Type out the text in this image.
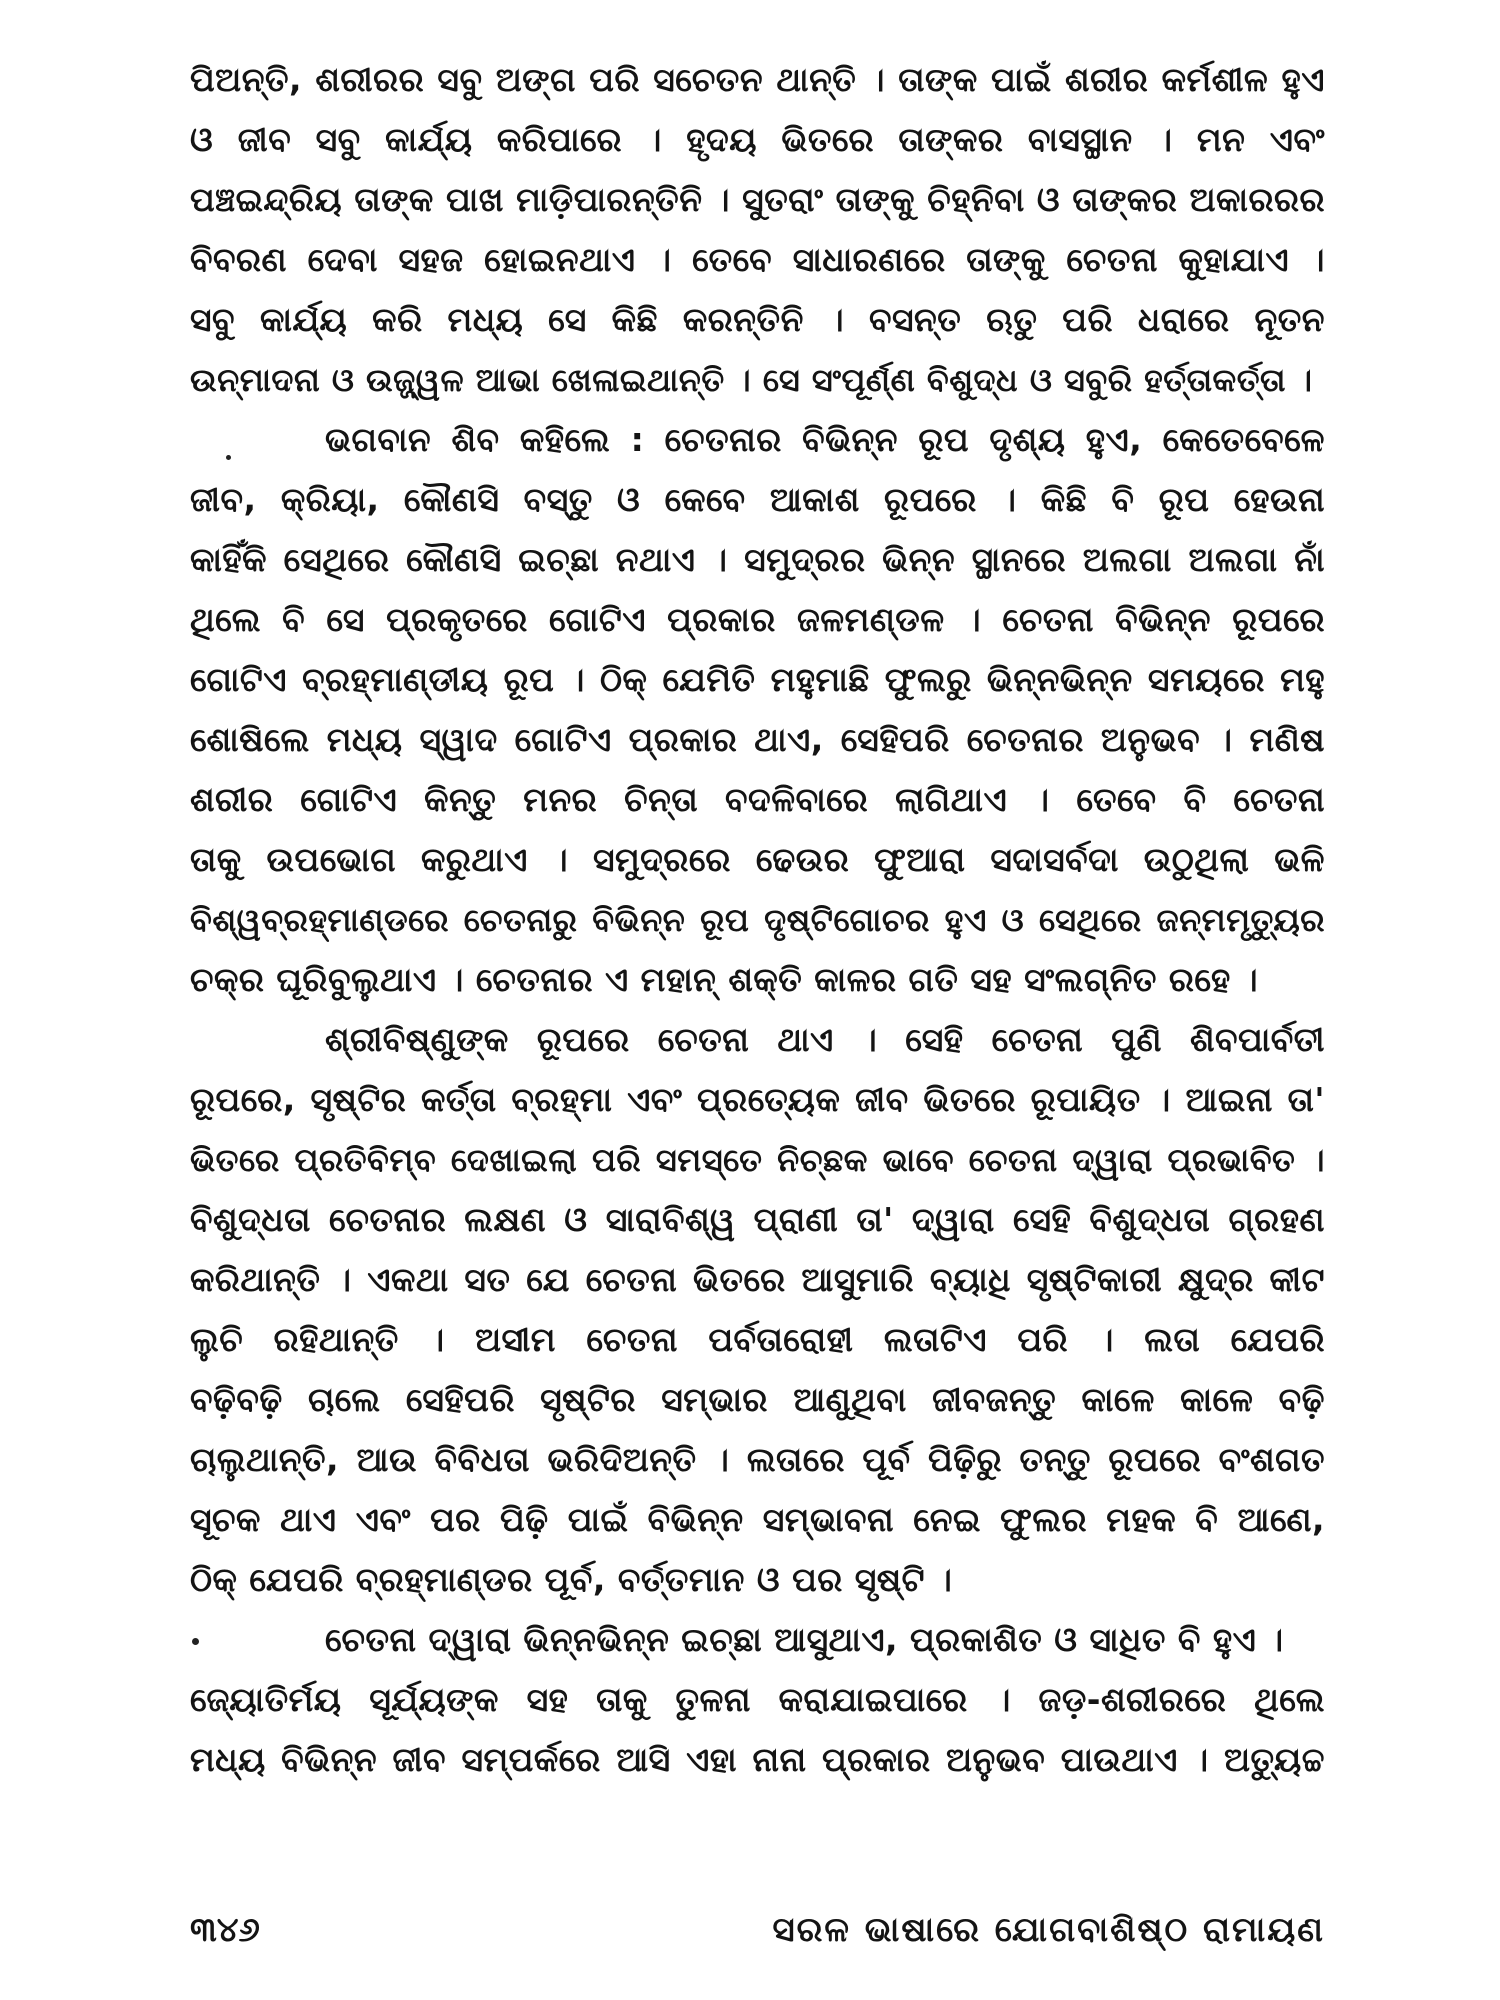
ପିଅନ୍ତି, ଶରୀରର ସବୁ ଅଙ୍ଗ ପରି ସଚେତନ ଥାନ୍ତି । ତାଙ୍କ ପାଇଁ ଶରୀର କର୍ମଶୀଳ ହୁଏ
ଓ ଜୀବ ସବୁ କାର୍ଯ୍ୟ କରିପାରେ । ହୃଦୟ ଭିତରେ ତାଙ୍କର ବାସସ୍ଥାନ । ମନ ଏବଂ
ପଞ୍ଚଇନ୍ଦ୍ରିୟ ତାଙ୍କ ପାଖ ମାଡ଼ିପାରନ୍ତିନି । ସୁତରାଂ ତାଙ୍କୁ ଚିହ୍ନିବା ଓ ତାଙ୍କର ଅକାରରର
ବିବରଣ ଦେବା ସହଜ ହୋଇନଥାଏ । ତେବେ ସାଧାରଣରେ ତାଙ୍କୁ ଚେତନା କୁହାଯାଏ ।
ସବୁ କାର୍ଯ୍ୟ କରି ମଧ୍ୟ ସେ କିଛି କରନ୍ତିନି । ବସନ୍ତ ଋତୁ ପରି ଧରାରେ ନୂତନ
ଉନ୍ମାଦନା ଓ ଉଜ୍ଜ୍ୱଳ ଆଭା ଖେଳାଇଥାନ୍ତି । ସେ ସଂପୂର୍ଣ୍ଣ ବିଶୁଦ୍ଧ ଓ ସବୁରି ହର୍ତ୍ତାକର୍ତ୍ତା ।
ଭଗବାନ ଶିବ କହିଲେ : ଚେତନାର ବିଭିନ୍ନ ରୂପ ଦୃଶ୍ୟ ହୁଏ, କେତେବେଳେ
ଜୀବ, କ୍ରିୟା, କୌଣସି ବସ୍ତୁ ଓ କେବେ ଆକାଶ ରୂପରେ । କିଛି ବି ରୂପ ହେଉନା
କାହିଁକି ସେଥିରେ କୌଣସି ଇଚ୍ଛା ନଥାଏ । ସମୁଦ୍ରର ଭିନ୍ନ ସ୍ଥାନରେ ଅଲଗା ଅଲଗା ନାଁ
ଥିଲେ ବି ସେ ପ୍ରକୃତରେ ଗୋଟିଏ ପ୍ରକାର ଜଳମଣ୍ଡଳ । ଚେତନା ବିଭିନ୍ନ ରୂପରେ
ଗୋଟିଏ ବ୍ରହ୍ମାଣ୍ଡୀୟ ରୂପ । ଠିକ୍ ଯେମିତି ମହୁମାଛି ଫୁଲରୁ ଭିନ୍ନଭିନ୍ନ ସମୟରେ ମହୁ
ଶୋଷିଲେ ମଧ୍ୟ ସ୍ୱାଦ ଗୋଟିଏ ପ୍ରକାର ଥାଏ, ସେହିପରି ଚେତନାର ଅନୁଭବ । ମଣିଷ
ଶରୀର ଗୋଟିଏ କିନ୍ତୁ ମନର ଚିନ୍ତା ବଦଳିବାରେ ଲାଗିଥାଏ । ତେବେ ବି ଚେତନା
ତାକୁ ଉପଭୋଗ କରୁଥାଏ । ସମୁଦ୍ରରେ ଢେଉର ଫୁଆରା ସଦାସର୍ବଦା ଉଠୁଥିଲା ଭଳି
ବିଶ୍ୱବ୍ରହ୍ମାଣ୍ଡରେ ଚେତନାରୁ ବିଭିନ୍ନ ରୂପ ଦୃଷ୍ଟିଗୋଚର ହୁଏ ଓ ସେଥିରେ ଜନ୍ମମୃତ୍ୟୁର
ଚକ୍ର ଘୂରିବୁଲୁଥାଏ । ଚେତନାର ଏ ମହାନ୍ ଶକ୍ତି କାଳର ଗତି ସହ ସଂଲଗ୍ନିତ ରହେ ।
ଶ୍ରୀବିଷ୍ଣୁଙ୍କ ରୂପରେ ଚେତନା ଥାଏ । ସେହି ଚେତନା ପୁଣି ଶିବପାର୍ବତୀ
ରୂପରେ, ସୃଷ୍ଟିର କର୍ତ୍ତା ବ୍ରହ୍ମା ଏବଂ ପ୍ରତ୍ୟେକ ଜୀବ ଭିତରେ ରୂପାୟିତ । ଆଇନା ତା'
ଭିତରେ ପ୍ରତିବିମ୍ବ ଦେଖାଇଲା ପରି ସମସ୍ତେ ନିଚ୍ଛକ ଭାବେ ଚେତନା ଦ୍ୱାରା ପ୍ରଭାବିତ ।
ବିଶୁଦ୍ଧତା ଚେତନାର ଲକ୍ଷଣ ଓ ସାରାବିଶ୍ୱ ପ୍ରାଣୀ ତା' ଦ୍ୱାରା ସେହି ବିଶୁଦ୍ଧତା ଗ୍ରହଣ
କରିଥାନ୍ତି । ଏକଥା ସତ ଯେ ଚେତନା ଭିତରେ ଆସୁମାରି ବ୍ୟାଧି ସୃଷ୍ଟିକାରୀ କ୍ଷୁଦ୍ର କୀଟ
ଲୁଚି ରହିଥାନ୍ତି । ଅସୀମ ଚେତନା ପର୍ବତାରୋହୀ ଲତାଟିଏ ପରି । ଲତା ଯେପରି
ବଢ଼ିବଢ଼ି ଚାଲେ ସେହିପରି ସୃଷ୍ଟିର ସମ୍ଭାର ଆଣୁଥିବା ଜୀବଜନ୍ତୁ କାଳେ କାଳେ ବଢ଼ି
ଚାଲୁଥାନ୍ତି, ଆଉ ବିବିଧତା ଭରିଦିଅନ୍ତି । ଲତାରେ ପୂର୍ବ ପିଢ଼ିରୁ ତନ୍ତୁ ରୂପରେ ବଂଶଗତ
ସୂଚକ ଥାଏ ଏବଂ ପର ପିଢ଼ି ପାଇଁ ବିଭିନ୍ନ ସମ୍ଭାବନା ନେଇ ଫୁଲର ମହକ ବି ଆଣେ,
ଠିକ୍ ଯେପରି ବ୍ରହ୍ମାଣ୍ଡର ପୂର୍ବ, ବର୍ତ୍ତମାନ ଓ ପର ସୃଷ୍ଟି ।
ଚେତନା ଦ୍ୱାରା ଭିନ୍ନଭିନ୍ନ ଇଚ୍ଛା ଆସୁଥାଏ, ପ୍ରକାଶିତ ଓ ସାଧିତ ବି ହୁଏ ।
ଜ୍ୟୋତିର୍ମୟ ସୂର୍ଯ୍ୟଙ୍କ ସହ ତାକୁ ତୁଳନା କରାଯାଇପାରେ । ଜଡ଼-ଶରୀରରେ ଥିଲେ
ମଧ୍ୟ ବିଭିନ୍ନ ଜୀବ ସମ୍ପର୍କରେ ଆସି ଏହା ନାନା ପ୍ରକାର ଅନୁଭବ ପାଉଥାଏ । ଅତ୍ୟୁଚ୍ଚ
୩୪୬	ସରଳ ଭାଷାରେ ଯୋଗବାଶିଷ୍ଠ ରାମାୟଣ
